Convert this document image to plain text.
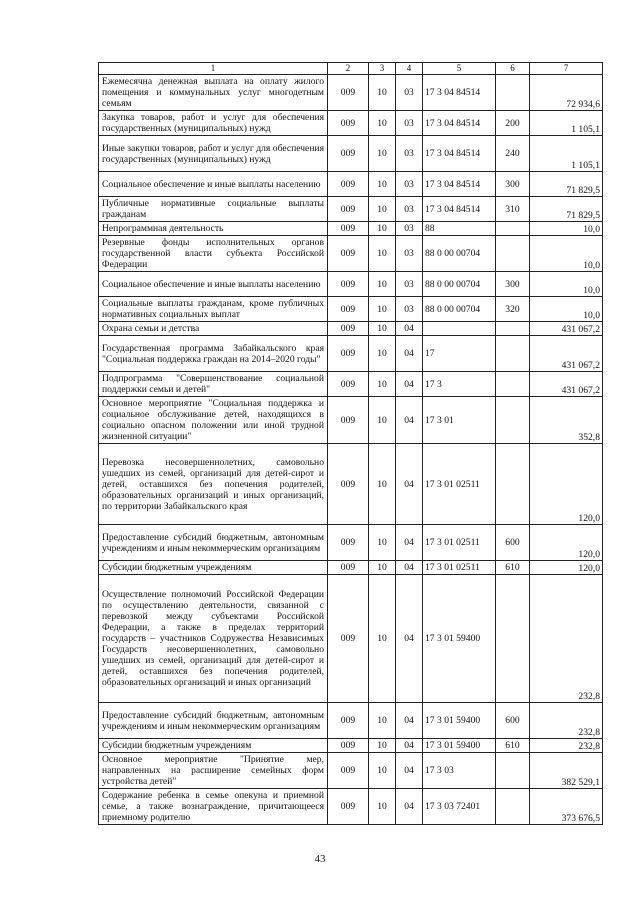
1	2	3	4	5	6	7
Ежемесячна денежная выплата на оплату жилого помещения и коммунальных услуг многодетным семьям	009	10	03	17 3 04 84514		72 934,6
Закупка товаров, работ и услуг для обеспечения государственных (муниципальных) нужд	009	10	03	17 3 04 84514	200	1 105,1
Иные закупки товаров, работ и услуг для обеспечения государственных (муниципальных) нужд	009	10	03	17 3 04 84514	240	1 105,1
Социальное обеспечение и иные выплаты населению	009	10	03	17 3 04 84514	300	71 829,5
Публичные нормативные социальные выплаты гражданам	009	10	03	17 3 04 84514	310	71 829,5
Непрограммная деятельность	009	10	03	88		10,0
Резервные фонды исполнительных органов государственной власти субъекта Российской Федерации	009	10	03	88 0 00 00704		10,0
Социальное обеспечение и иные выплаты населению	009	10	03	88 0 00 00704	300	10,0
Социальные выплаты гражданам, кроме публичных нормативных социальных выплат	009	10	03	88 0 00 00704	320	10,0
Охрана семьи и детства	009	10	04			431 067,2
Государственная программа Забайкальского края "Социальная поддержка граждан на 2014–2020 годы"	009	10	04	17		431 067,2
Подпрограмма "Совершенствование социальной поддержки семьи и детей"	009	10	04	17 3		431 067,2
Основное мероприятие "Социальная поддержка и социальное обслуживание детей, находящихся в социально опасном положении или иной трудной жизненной ситуации"	009	10	04	17 3 01		352,8
Перевозка несовершеннолетних, самовольно ушедших из семей, организаций для детей-сирот и детей, оставшихся без попечения родителей, образовательных организаций и иных организаций, по территории Забайкальского края	009	10	04	17 3 01 02511		120,0
Предоставление субсидий бюджетным, автономным учреждениям и иным некоммерческим организациям	009	10	04	17 3 01 02511	600	120,0
Субсидии бюджетным учреждениям	009	10	04	17 3 01 02511	610	120,0
Осуществление полномочий Российской Федерации по осуществлению деятельности, связанной с перевозкой между субъектами Российской Федерации, а также в пределах территорий государств – участников Содружества Независимых Государств несовершеннолетних, самовольно ушедших из семей, организаций для детей-сирот и детей, оставшихся без попечения родителей, образовательных организаций и иных организаций	009	10	04	17 3 01 59400		232,8
Предоставление субсидий бюджетным, автономным учреждениям и иным некоммерческим организациям	009	10	04	17 3 01 59400	600	232,8
Субсидии бюджетным учреждениям	009	10	04	17 3 01 59400	610	232,8
Основное мероприятие "Принятие мер, направленных на расширение семейных форм устройства детей"	009	10	04	17 3 03		382 529,1
Содержание ребенка в семье опекуна и приемной семье, а также вознаграждение, причитающееся приемному родителю	009	10	04	17 3 03 72401		373 676,5
43
